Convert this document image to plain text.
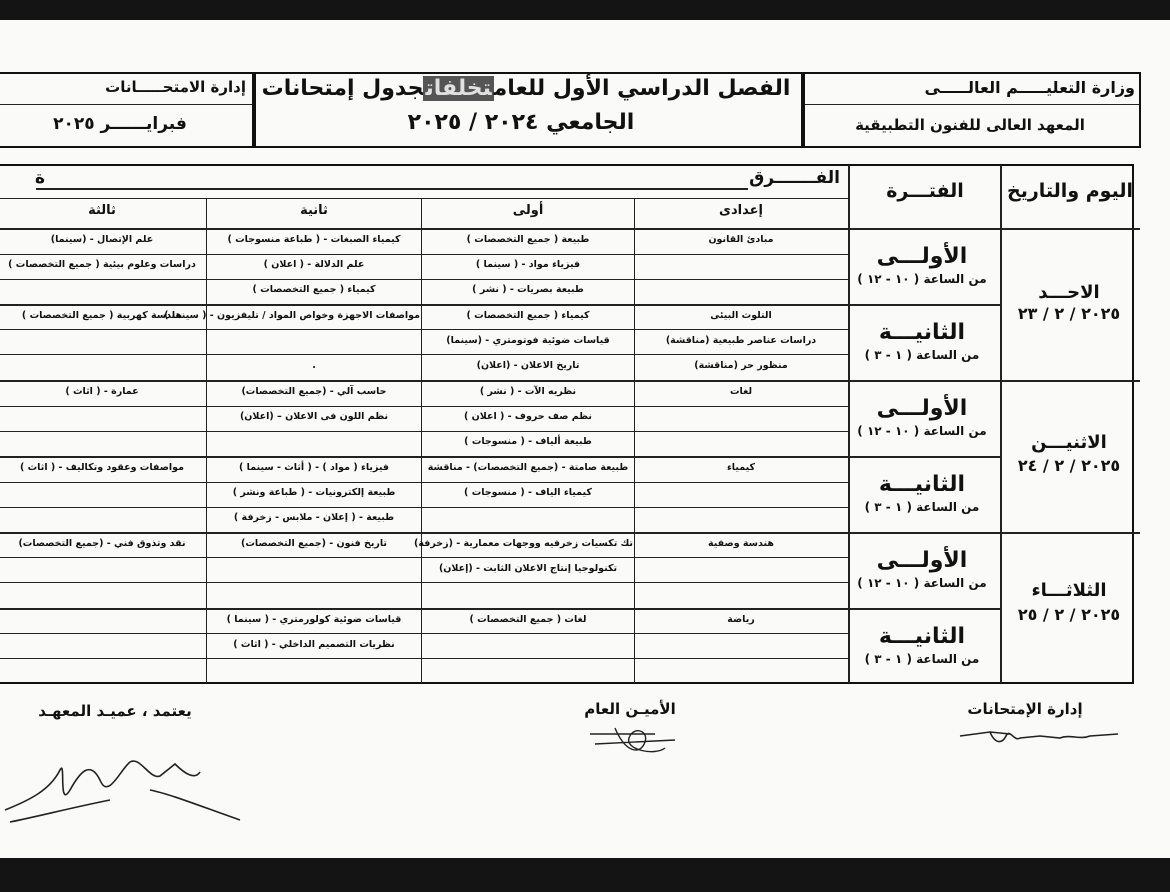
وزارة التعليـــــم العالـــــى
المعهد العالى للفنون التطبيقية
الفصل الدراسي الأول للعامتخلفاتجدول إمتحانات
الجامعي ٢٠٢٤ / ٢٠٢٥
إدارة الامتحـــــانات
فبرايــــــر ٢٠٢٥
اليوم والتاريخ
الفتـــرة
الفـــــــرق
ة
إعدادى
أولى
ثانية
ثالثة
الأولـــى
من الساعة ( ١٠ - ١٢ )
الثانيـــة
من الساعة ( ١ - ٣ )
الأولـــى
من الساعة ( ١٠ - ١٢ )
الثانيـــة
من الساعة ( ١ - ٣ )
الأولـــى
من الساعة ( ١٠ - ١٢ )
الثانيـــة
من الساعة ( ١ - ٣ )
الاحـــد
٢٠٢٥ / ٢ / ٢٣
الاثنيـــن
٢٠٢٥ / ٢ / ٢٤
الثلاثـــاء
٢٠٢٥ / ٢ / ٢٥
مبادئ القانون
طبيعة ( جميع التخصصات )
فيزياء مواد - ( سينما )
طبيعة بصريات - ( نشر )
كيمياء الصبغات - ( طباعة منسوجات )
علم الدلالة - ( اعلان )
كيمياء ( جميع التخصصات )
علم الإتصال - (سينما)
دراسات وعلوم بيئية ( جميع التخصصات )
التلوث البيئى
دراسات عناصر طبيعية (مناقشة)
منظور حر (مناقشة)
كيمياء ( جميع التخصصات )
قياسات ضوئية فوتومتري - (سينما)
تاريخ الاعلان - (اعلان)
مواصفات الاجهزة وخواص المواد / تليفزيون - ( سينما )
.
هندسة كهربية ( جميع التخصصات )
لغات
نظريه الآت - ( نشر )
نظم صف حروف - ( اعلان )
طبيعة ألياف - ( منسوجات )
حاسب آلي - (جميع التخصصات)
نظم اللون فى الاعلان – (اعلان)
عمارة - ( اثاث )
كيمياء
طبيعة صامتة - (جميع التخصصات) - مناقشة
كيمياء الياف - ( منسوجات )
فيزياء ( مواد ) - ( أثاث - سينما )
طبيعة إلكترونيات - ( طباعة ونشر )
طبيعة - ( إعلان - ملابس - زخرفة )
مواصفات وعقود وتكاليف - ( اثاث )
هندسة وصفية
تك تكسيات زخرفيه ووجهات معمارية - (زخرفة)
تكنولوجيا إنتاج الاعلان الثابت - (إعلان)
تاريخ فنون - (جميع التخصصات)
نقد وتذوق فني - (جميع التخصصات)
رياضة
لغات ( جميع التخصصات )
قياسات ضوئية كولورمتري - ( سينما )
نظريات التصميم الداخلي - ( اثاث )
إدارة الإمتحانات
الأميـن العام
يعتمد ، عميـد المعهـد
